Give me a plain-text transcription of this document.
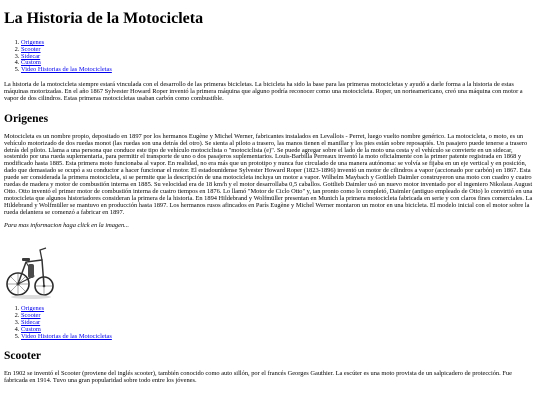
La Historia de la Motocicleta
1. Origenes
2. Scooter
3. Sidecar
4. Custom
5. Video Historias de las Motocicletas

La historia de la motocicleta siempre estará vinculada con el desarrollo de las primeras bicicletas. La bicicleta ha sido la base para las primeras motocicletas y ayudó a darle forma a la historia de estas máquinas motorizadas. En el año 1867 Sylvester Howard Roper inventó la primera máquina que alguno podría reconocer como una motocicleta. Roper, un norteamericano, creó una máquina con motor a vapor de dos cilindros. Estas primeras motocicletas usaban carbón como combustible.

Origenes

Motocicleta es un nombre propio, depositado en 1897 por los hermanos Eugène y Michel Werner, fabricantes instalados en Levallois - Perret, luego vuelto nombre genérico. La motocicleta, o moto, es un vehículo motorizado de dos ruedas monot (las ruedas son una detrás del otro). Se sienta al piloto a trasero, las manos tienen el manillar y los pies están sobre reposapiés. Un pasajero puede tenerse a trasero detrás del piloto. Llama a una persona que conduce este tipo de vehículo motociclista o "motociclista (e)". Se puede agregar sobre el lado de la moto una cesta y el vehículo se convierte en un sidecar, sostenido por una rueda suplementaria, para permitir el transporte de uno o dos pasajeros suplementarios. Louis-Barbilla Perreaux inventó la moto oficialmente con la primer patente registrada en 1868 y modificado hasta 1885. Esta primera moto funcionaba al vapor. En realidad, no era más que un prototipo y nunca fue circulado de una manera autónoma: se volvía se fijaba en un eje vertical y en posición, dado que demasiado se ocupó a su conductor a hacer funcionar el motor. El estadounidense Sylvester Howard Roper (1823-1896) inventó un motor de cilindros a vapor (accionado por carbón) en 1867. Esta puede ser considerada la primera motocicleta, si se permite que la descripción de una motocicleta incluya un motor a vapor. Wilhelm Maybach y Gottlieb Daimler construyeron una moto con cuadro y cuatro ruedas de madera y motor de combustión interna en 1885. Su velocidad era de 18 km/h y el motor desarrollaba 0,5 caballos. Gottlieb Daimler usó un nuevo motor inventado por el ingeniero Nikolaus August Otto. Otto inventó el primer motor de combustión interna de cuatro tiempos en 1876. Lo llamó "Motor de Ciclo Otto" y, tan pronto como lo completó, Daimler (antiguo empleado de Otto) lo convirtió en una motocicleta que algunos historiadores consideran la primera de la historia. En 1894 Hildebrand y Wolfmüller presentan en Munich la primera motocicleta fabricada en serie y con claros fines comerciales. La Hildebrand y Wolfmüller se mantuvo en producción hasta 1897. Los hermanos rusos afincados en París Eugène y Michel Werner montaron un motor en una bicicleta. El modelo inicial con el motor sobre la rueda delantera se comenzó a fabricar en 1897.

Para mas informacion haga click en la imagen...

1. Origenes
2. Scooter
3. Sidecar
4. Custom
5. Video Historias de las Motocicletas
Scooter

En 1902 se inventó el Scooter (proviene del inglés scooter), también conocido como auto sillón, por el francés Georges Gauthier. La escúter es una moto provista de un salpicadero de protección. Fue fabricada en 1914. Tuvo una gran popularidad sobre todo entre los jóvenes.
